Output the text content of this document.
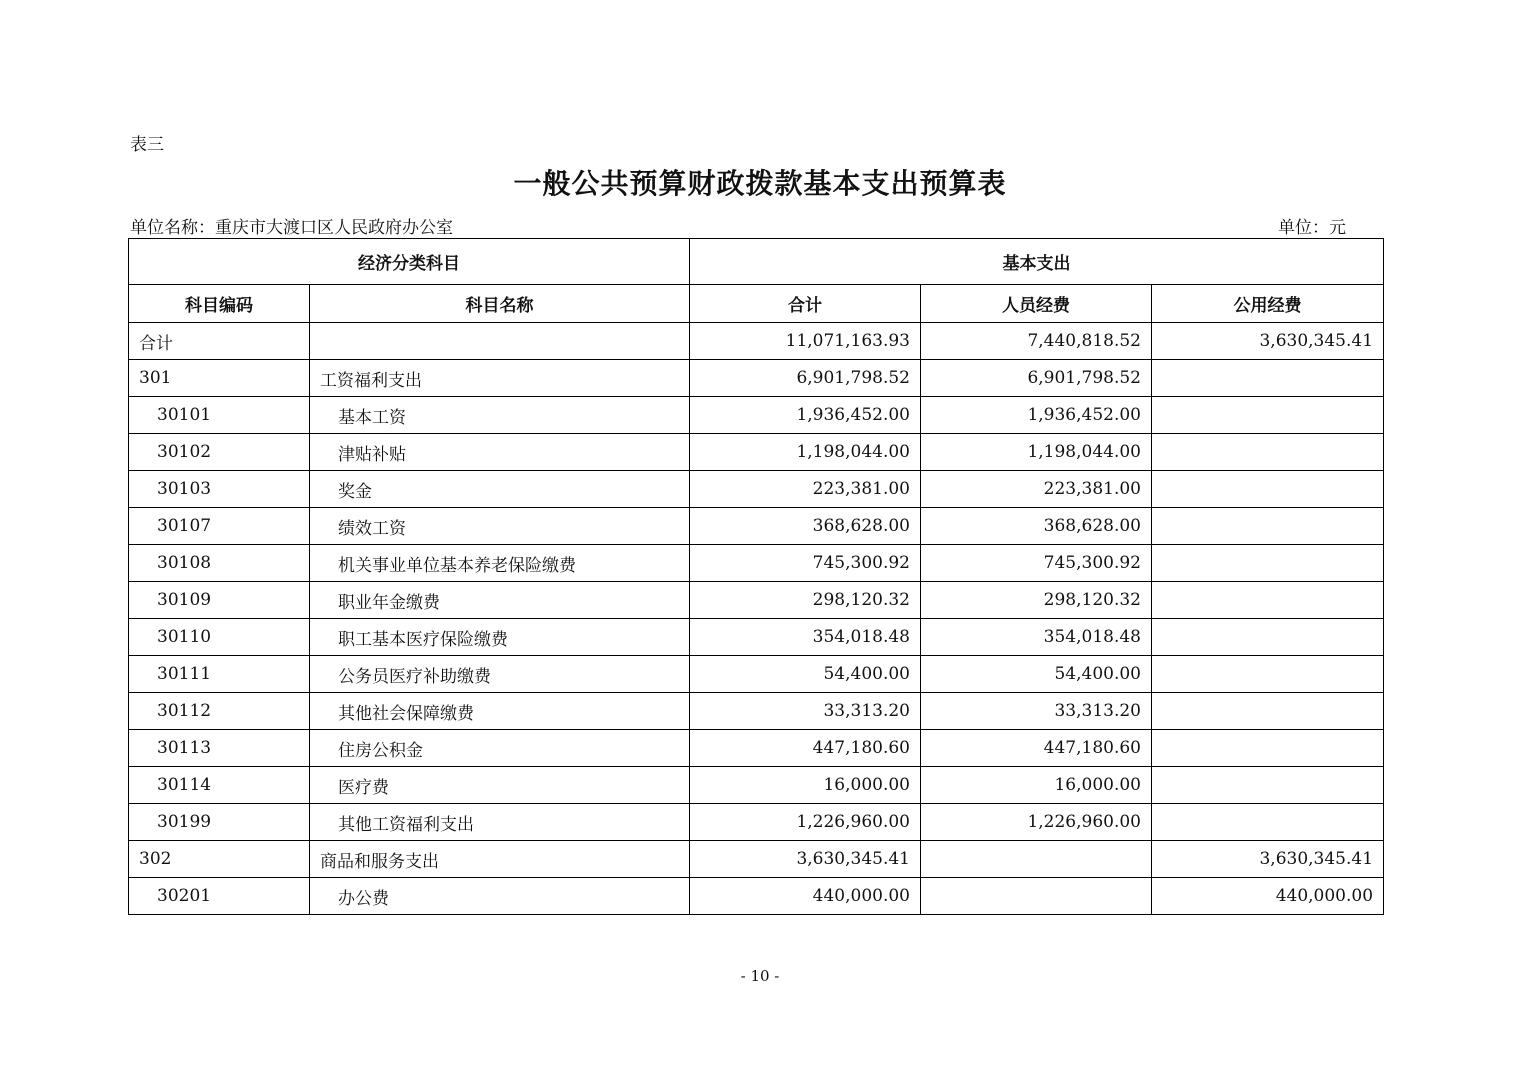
表三
一般公共预算财政拨款基本支出预算表
单位名称：重庆市大渡口区人民政府办公室	单位：元
经济分类科目		基本支出		
科目编码	科目名称	合计	人员经费	公用经费
合计		11,071,163.93	7,440,818.52	3,630,345.41
301	工资福利支出	6,901,798.52	6,901,798.52	
30101	基本工资	1,936,452.00	1,936,452.00	
30102	津贴补贴	1,198,044.00	1,198,044.00	
30103	奖金	223,381.00	223,381.00	
30107	绩效工资	368,628.00	368,628.00	
30108	机关事业单位基本养老保险缴费	745,300.92	745,300.92	
30109	职业年金缴费	298,120.32	298,120.32	
30110	职工基本医疗保险缴费	354,018.48	354,018.48	
30111	公务员医疗补助缴费	54,400.00	54,400.00	
30112	其他社会保障缴费	33,313.20	33,313.20	
30113	住房公积金	447,180.60	447,180.60	
30114	医疗费	16,000.00	16,000.00	
30199	其他工资福利支出	1,226,960.00	1,226,960.00	
302	商品和服务支出	3,630,345.41		3,630,345.41
30201	办公费	440,000.00		440,000.00
- 10 -
